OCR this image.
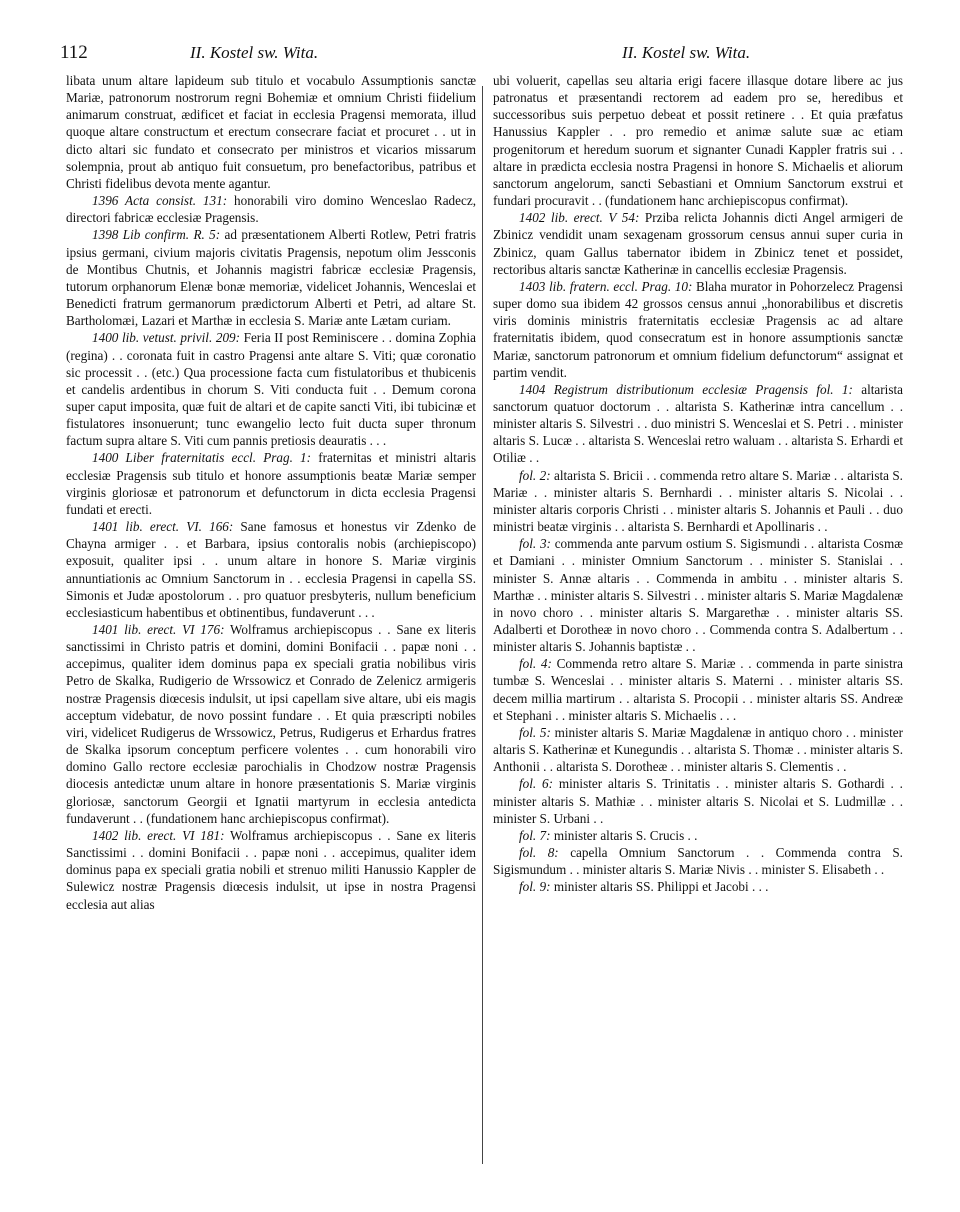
112	II. Kostel sw. Wita.	II. Kostel sw. Wita.

libata unum altare lapideum sub titulo et vocabulo Assumptionis sanctæ Mariæ, patronorum nostrorum regni Bohemiæ et omnium Christi fiidelium animarum construat, ædificet et faciat in ecclesia Pragensi memorata, illud quoque altare constructum et erectum consecrare faciat et procuret . . ut in dicto altari sic fundato et consecrato per ministros et vicarios missarum solempnia, prout ab antiquo fuit consuetum, pro benefactoribus, patribus et Christi fidelibus devota mente agantur.

1396 Acta consist. 131: honorabili viro domino Wenceslao Radecz, directori fabricæ ecclesiæ Pragensis.

1398 Lib confirm. R. 5: ad præsentationem Alberti Rotlew, Petri fratris ipsius germani, civium majoris civitatis Pragensis, nepotum olim Jessconis de Montibus Chutnis, et Johannis magistri fabricæ ecclesiæ Pragensis, tutorum orphanorum Elenæ bonæ memoriæ, videlicet Johannis, Wenceslai et Benedicti fratrum germanorum prædictorum Alberti et Petri, ad altare St. Bartholomæi, Lazari et Marthæ in ecclesia S. Mariæ ante Lætam curiam.

1400 lib. vetust. privil. 209: Feria II post Reminiscere . . domina Zophia (regina) . . coronata fuit in castro Pragensi ante altare S. Viti; quæ coronatio sic processit . . (etc.) Qua processione facta cum fistulatoribus et thubicenis et candelis ardentibus in chorum S. Viti conducta fuit . . Demum corona super caput imposita, quæ fuit de altari et de capite sancti Viti, ibi tubicinæ et fistulatores insonuerunt; tunc ewangelio lecto fuit ducta super thronum factum supra altare S. Viti cum pannis pretiosis deauratis . . .

1400 Liber fraternitatis eccl. Prag. 1: fraternitas et ministri altaris ecclesiæ Pragensis sub titulo et honore assumptionis beatæ Mariæ semper virginis gloriosæ et patronorum et defunctorum in dicta ecclesia Pragensi fundati et erecti.

1401 lib. erect. VI. 166: Sane famosus et honestus vir Zdenko de Chayna armiger . . et Barbara, ipsius contoralis nobis (archiepiscopo) exposuit, qualiter ipsi . . unum altare in honore S. Mariæ virginis annuntiationis ac Omnium Sanctorum in . . ecclesia Pragensi in capella SS. Simonis et Judæ apostolorum . . pro quatuor presbyteris, nullum beneficium ecclesiasticum habentibus et obtinentibus, fundaverunt . . .

1401 lib. erect. VI 176: Wolframus archiepiscopus . . Sane ex literis sanctissimi in Christo patris et domini, domini Bonifacii . . papæ noni . . accepimus, qualiter idem dominus papa ex speciali gratia nobilibus viris Petro de Skalka, Rudigerio de Wrssowicz et Conrado de Zelenicz armigeris nostræ Pragensis diœcesis indulsit, ut ipsi capellam sive altare, ubi eis magis acceptum videbatur, de novo possint fundare . . Et quia præscripti nobiles viri, videlicet Rudigerus de Wrssowicz, Petrus, Rudigerus et Erhardus fratres de Skalka ipsorum conceptum perficere volentes . . cum honorabili viro domino Gallo rectore ecclesiæ parochialis in Chodzow nostræ Pragensis diocesis antedictæ unum altare in honore præsentationis S. Mariæ virginis gloriosæ, sanctorum Georgii et Ignatii martyrum in ecclesia antedicta fundaverunt . . (fundationem hanc archiepiscopus confirmat).

1402 lib. erect. VI 181: Wolframus archiepiscopus . . Sane ex literis Sanctissimi . . domini Bonifacii . . papæ noni . . accepimus, qualiter idem dominus papa ex speciali gratia nobili et strenuo militi Hanussio Kappler de Sulewicz nostræ Pragensis diœcesis indulsit, ut ipse in nostra Pragensi ecclesia aut alias

ubi voluerit, capellas seu altaria erigi facere illasque dotare libere ac jus patronatus et præsentandi rectorem ad eadem pro se, heredibus et successoribus suis perpetuo debeat et possit retinere . . Et quia præfatus Hanussius Kappler . . pro remedio et animæ salute suæ ac etiam progenitorum et heredum suorum et signanter Cunadi Kappler fratris sui . . altare in prædicta ecclesia nostra Pragensi in honore S. Michaelis et aliorum sanctorum angelorum, sancti Sebastiani et Omnium Sanctorum exstrui et fundari procuravit . . (fundationem hanc archiepiscopus confirmat).

1402 lib. erect. V 54: Prziba relicta Johannis dicti Angel armigeri de Zbinicz vendidit unam sexagenam grossorum census annui super curia in Zbinicz, quam Gallus tabernator ibidem in Zbinicz tenet et possidet, rectoribus altaris sanctæ Katherinæ in cancellis ecclesiæ Pragensis.

1403 lib. fratern. eccl. Prag. 10: Blaha murator in Pohorzelecz Pragensi super domo sua ibidem 42 grossos census annui „honorabilibus et discretis viris dominis ministris fraternitatis ecclesiæ Pragensis ac ad altare fraternitatis ibidem, quod consecratum est in honore assumptionis sanctæ Mariæ, sanctorum patronorum et omnium fidelium defunctorum“ assignat et partim vendit.

1404 Registrum distributionum ecclesiæ Pragensis fol. 1: altarista sanctorum quatuor doctorum . . altarista S. Katherinæ intra cancellum . . minister altaris S. Silvestri . . duo ministri S. Wenceslai et S. Petri . . minister altaris S. Lucæ . . altarista S. Wenceslai retro waluam . . altarista S. Erhardi et Otiliæ . .

fol. 2: altarista S. Bricii . . commenda retro altare S. Mariæ . . altarista S. Mariæ . . minister altaris S. Bernhardi . . minister altaris S. Nicolai . . minister altaris corporis Christi . . minister altaris S. Johannis et Pauli . . duo ministri beatæ virginis . . altarista S. Bernhardi et Apollinaris . .

fol. 3: commenda ante parvum ostium S. Sigismundi . . altarista Cosmæ et Damiani . . minister Omnium Sanctorum . . minister S. Stanislai . . minister S. Annæ altaris . . Commenda in ambitu . . minister altaris S. Marthæ . . minister altaris S. Silvestri . . minister altaris S. Mariæ Magdalenæ in novo choro . . minister altaris S. Margarethæ . . minister altaris SS. Adalberti et Dorotheæ in novo choro . . Commenda contra S. Adalbertum . . minister altaris S. Johannis baptistæ . .

fol. 4: Commenda retro altare S. Mariæ . . commenda in parte sinistra tumbæ S. Wenceslai . . minister altaris S. Materni . . minister altaris SS. decem millia martirum . . altarista S. Procopii . . minister altaris SS. Andreæ et Stephani . . minister altaris S. Michaelis . . .

fol. 5: minister altaris S. Mariæ Magdalenæ in antiquo choro . . minister altaris S. Katherinæ et Kunegundis . . altarista S. Thomæ . . minister altaris S. Anthonii . . altarista S. Dorotheæ . . minister altaris S. Clementis . .

fol. 6: minister altaris S. Trinitatis . . minister altaris S. Gothardi . . minister altaris S. Mathiæ . . minister altaris S. Nicolai et S. Ludmillæ . . minister S. Urbani . .

fol. 7: minister altaris S. Crucis . .

fol. 8: capella Omnium Sanctorum . . Commenda contra S. Sigismundum . . minister altaris S. Mariæ Nivis . . minister S. Elisabeth . .

fol. 9: minister altaris SS. Philippi et Jacobi . . .
